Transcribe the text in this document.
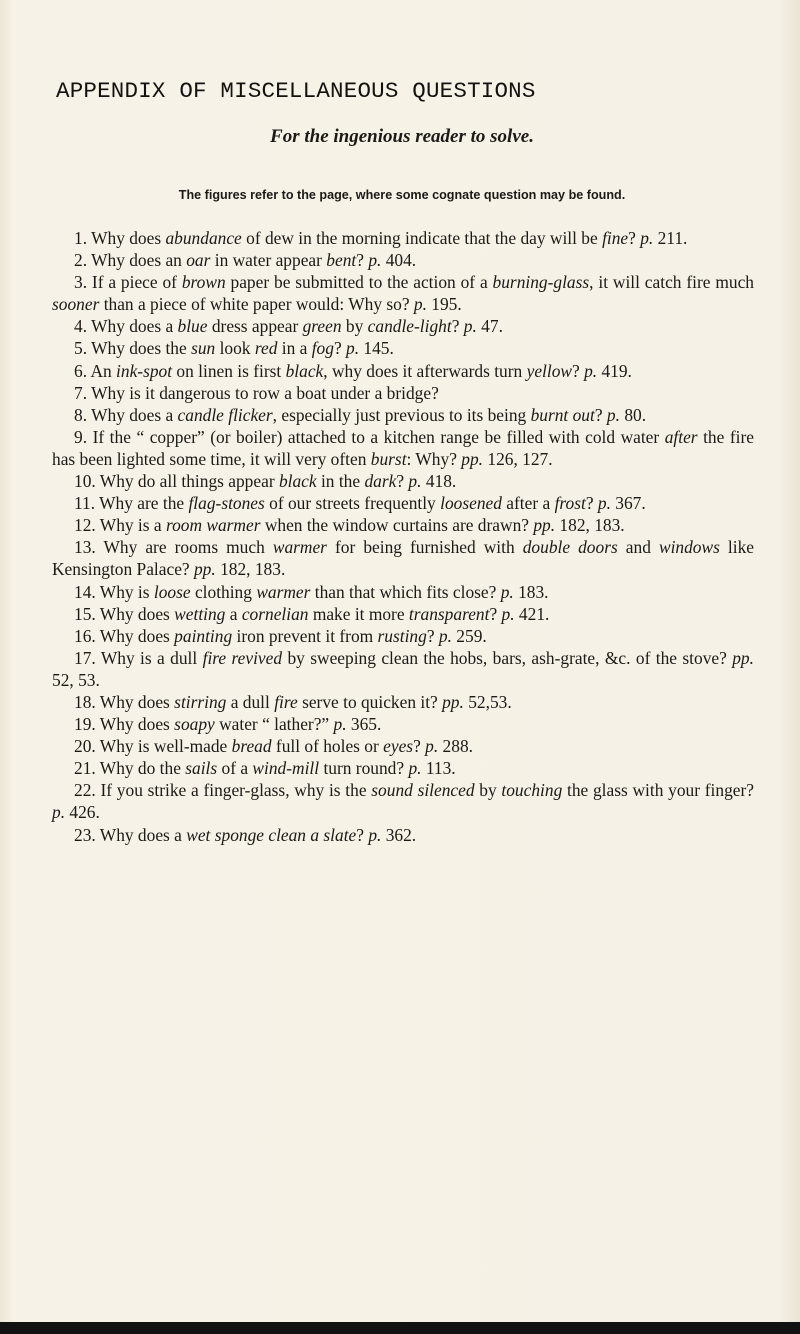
APPENDIX OF MISCELLANEOUS QUESTIONS
For the ingenious reader to solve.
The figures refer to the page, where some cognate question may be found.
1. Why does abundance of dew in the morning indicate that the day will be fine? p. 211.
2. Why does an oar in water appear bent? p. 404.
3. If a piece of brown paper be submitted to the action of a burning-glass, it will catch fire much sooner than a piece of white paper would: Why so? p. 195.
4. Why does a blue dress appear green by candle-light? p. 47.
5. Why does the sun look red in a fog? p. 145.
6. An ink-spot on linen is first black, why does it afterwards turn yellow? p. 419.
7. Why is it dangerous to row a boat under a bridge?
8. Why does a candle flicker, especially just previous to its being burnt out? p. 80.
9. If the “ copper” (or boiler) attached to a kitchen range be filled with cold water after the fire has been lighted some time, it will very often burst: Why? pp. 126, 127.
10. Why do all things appear black in the dark? p. 418.
11. Why are the flag-stones of our streets frequently loosened after a frost? p. 367.
12. Why is a room warmer when the window curtains are drawn? pp. 182, 183.
13. Why are rooms much warmer for being furnished with double doors and windows like Kensington Palace? pp. 182, 183.
14. Why is loose clothing warmer than that which fits close? p. 183.
15. Why does wetting a cornelian make it more transparent? p. 421.
16. Why does painting iron prevent it from rusting? p. 259.
17. Why is a dull fire revived by sweeping clean the hobs, bars, ash-grate, &c. of the stove? pp. 52, 53.
18. Why does stirring a dull fire serve to quicken it? pp. 52,53.
19. Why does soapy water “ lather?” p. 365.
20. Why is well-made bread full of holes or eyes? p. 288.
21. Why do the sails of a wind-mill turn round? p. 113.
22. If you strike a finger-glass, why is the sound silenced by touching the glass with your finger? p. 426.
23. Why does a wet sponge clean a slate? p. 362.
